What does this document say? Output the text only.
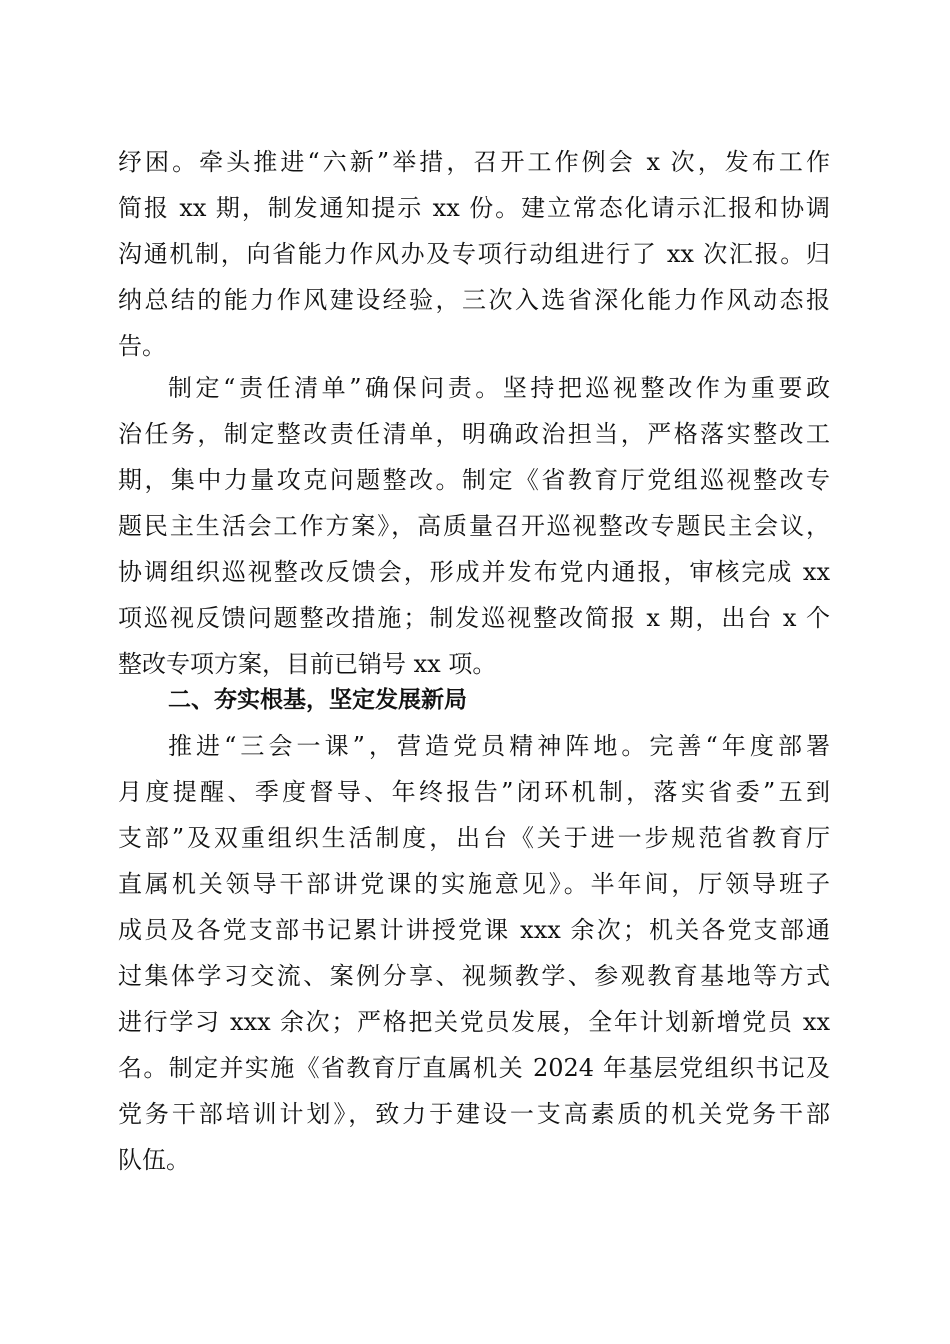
纾困。牵头推进“六新”举措，召开工作例会 x 次，发布工作
简报 xx 期，制发通知提示 xx 份。建立常态化请示汇报和协调
沟通机制，向省能力作风办及专项行动组进行了 xx 次汇报。归
纳总结的能力作风建设经验，三次入选省深化能力作风动态报
告。
制定“责任清单”确保问责。坚持把巡视整改作为重要政
治任务，制定整改责任清单，明确政治担当，严格落实整改工
期，集中力量攻克问题整改。制定《省教育厅党组巡视整改专
题民主生活会工作方案》，高质量召开巡视整改专题民主会议，
协调组织巡视整改反馈会，形成并发布党内通报，审核完成 xx
项巡视反馈问题整改措施；制发巡视整改简报 x 期，出台 x 个
整改专项方案，目前已销号 xx 项。
二、夯实根基，坚定发展新局
推进“三会一课”，营造党员精神阵地。完善“年度部署
月度提醒、季度督导、年终报告”闭环机制，落实省委”五到
支部”及双重组织生活制度，出台《关于进一步规范省教育厅
直属机关领导干部讲党课的实施意见》。半年间，厅领导班子
成员及各党支部书记累计讲授党课 xxx 余次；机关各党支部通
过集体学习交流、案例分享、视频教学、参观教育基地等方式
进行学习 xxx 余次；严格把关党员发展，全年计划新增党员 xx
名。制定并实施《省教育厅直属机关 2024 年基层党组织书记及
党务干部培训计划》，致力于建设一支高素质的机关党务干部
队伍。
